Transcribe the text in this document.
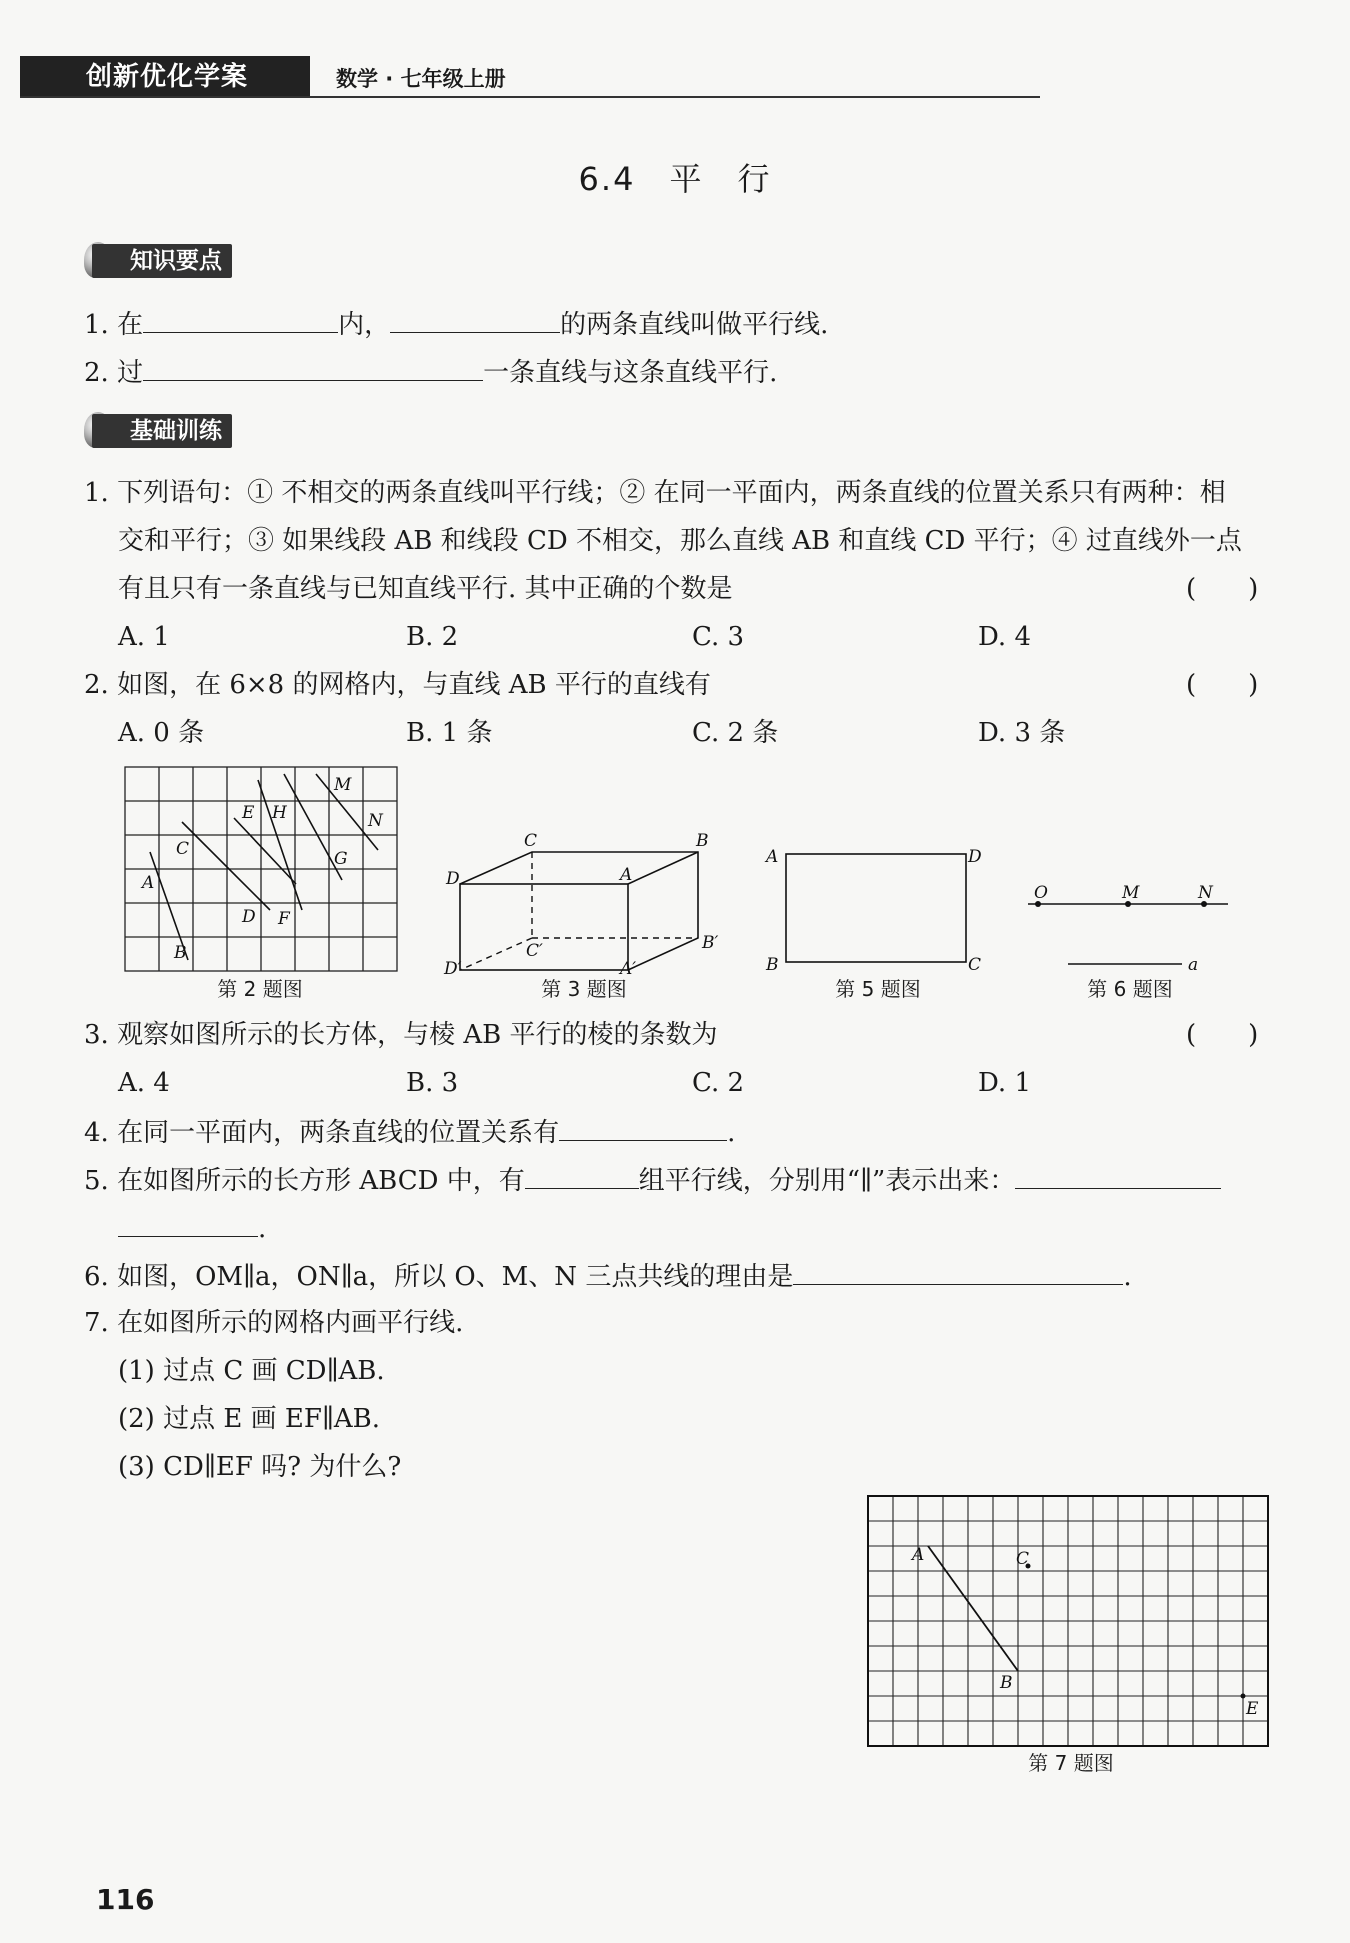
创新优化学案	数学 · 七年级上册
6.4　平　行
知识要点
1. 在	内，	的两条直线叫做平行线.
2. 过	一条直线与这条直线平行.
基础训练
1. 下列语句：① 不相交的两条直线叫平行线；② 在同一平面内，两条直线的位置关系只有两种：相
交和平行；③ 如果线段 AB 和线段 CD 不相交，那么直线 AB 和直线 CD 平行；④ 过直线外一点
有且只有一条直线与已知直线平行. 其中正确的个数是	(　　)
A. 1	B. 2	C. 3	D. 4
2. 如图，在 6×8 的网格内，与直线 AB 平行的直线有	(　　)
A. 0 条	B. 1 条	C. 2 条	D. 3 条
M
E H	N
C	G
A
D F
B
第 2 题图
C	B
D	A
C′	B′
D′	A′
第 3 题图
A	D
B	C
第 5 题图
O	M	N
a
第 6 题图
3. 观察如图所示的长方体，与棱 AB 平行的棱的条数为	(　　)
A. 4	B. 3	C. 2	D. 1
4. 在同一平面内，两条直线的位置关系有	.
5. 在如图所示的长方形 ABCD 中，有	组平行线，分别用“∥”表示出来：
.
6. 如图，OM∥a，ON∥a，所以 O、M、N 三点共线的理由是	.
7. 在如图所示的网格内画平行线.
(1) 过点 C 画 CD∥AB.
(2) 过点 E 画 EF∥AB.
(3) CD∥EF 吗? 为什么?
A	C
B
E
第 7 题图
116
